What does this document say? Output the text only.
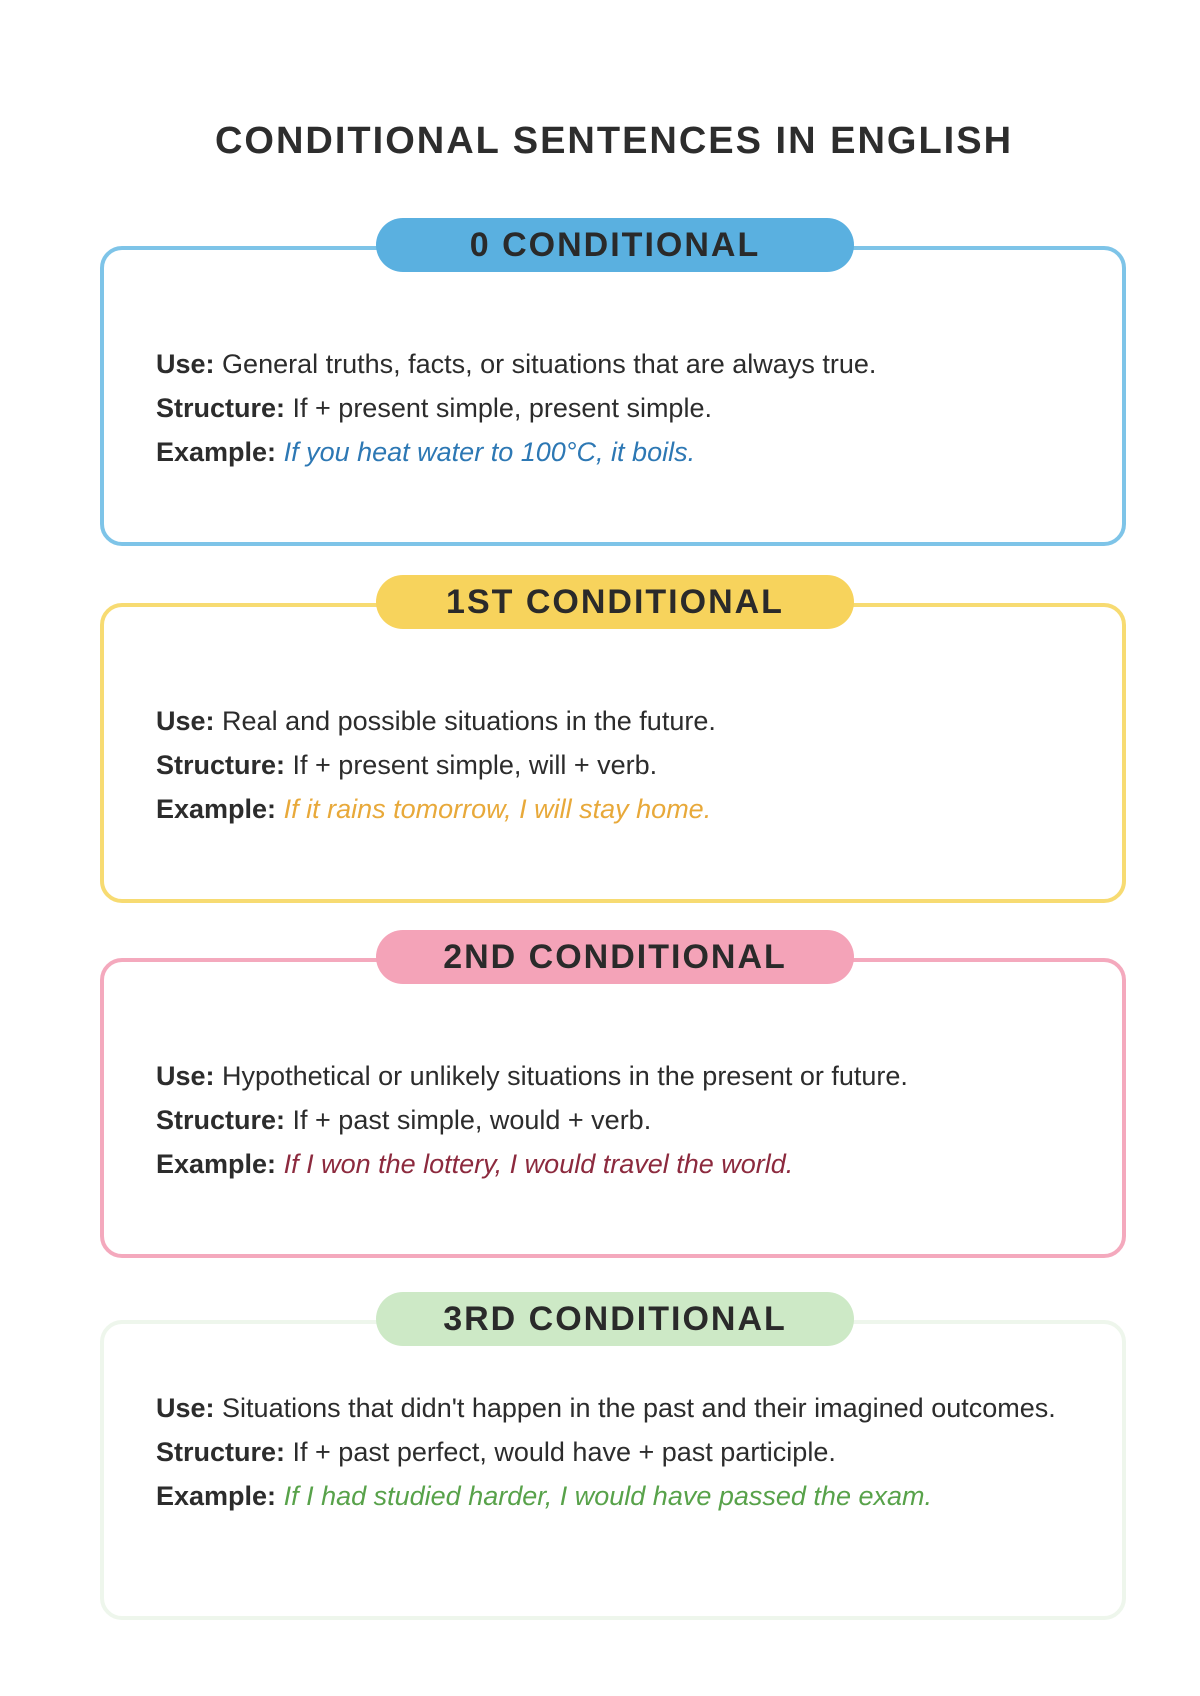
CONDITIONAL SENTENCES IN ENGLISH
0 CONDITIONAL
Use: General truths, facts, or situations that are always true.
Structure: If + present simple, present simple.
Example: If you heat water to 100°C, it boils.
1ST CONDITIONAL
Use: Real and possible situations in the future.
Structure: If + present simple, will + verb.
Example: If it rains tomorrow, I will stay home.
2ND CONDITIONAL
Use: Hypothetical or unlikely situations in the present or future.
Structure: If + past simple, would + verb.
Example: If I won the lottery, I would travel the world.
3RD CONDITIONAL
Use: Situations that didn't happen in the past and their imagined outcomes.
Structure: If + past perfect, would have + past participle.
Example: If I had studied harder, I would have passed the exam.
